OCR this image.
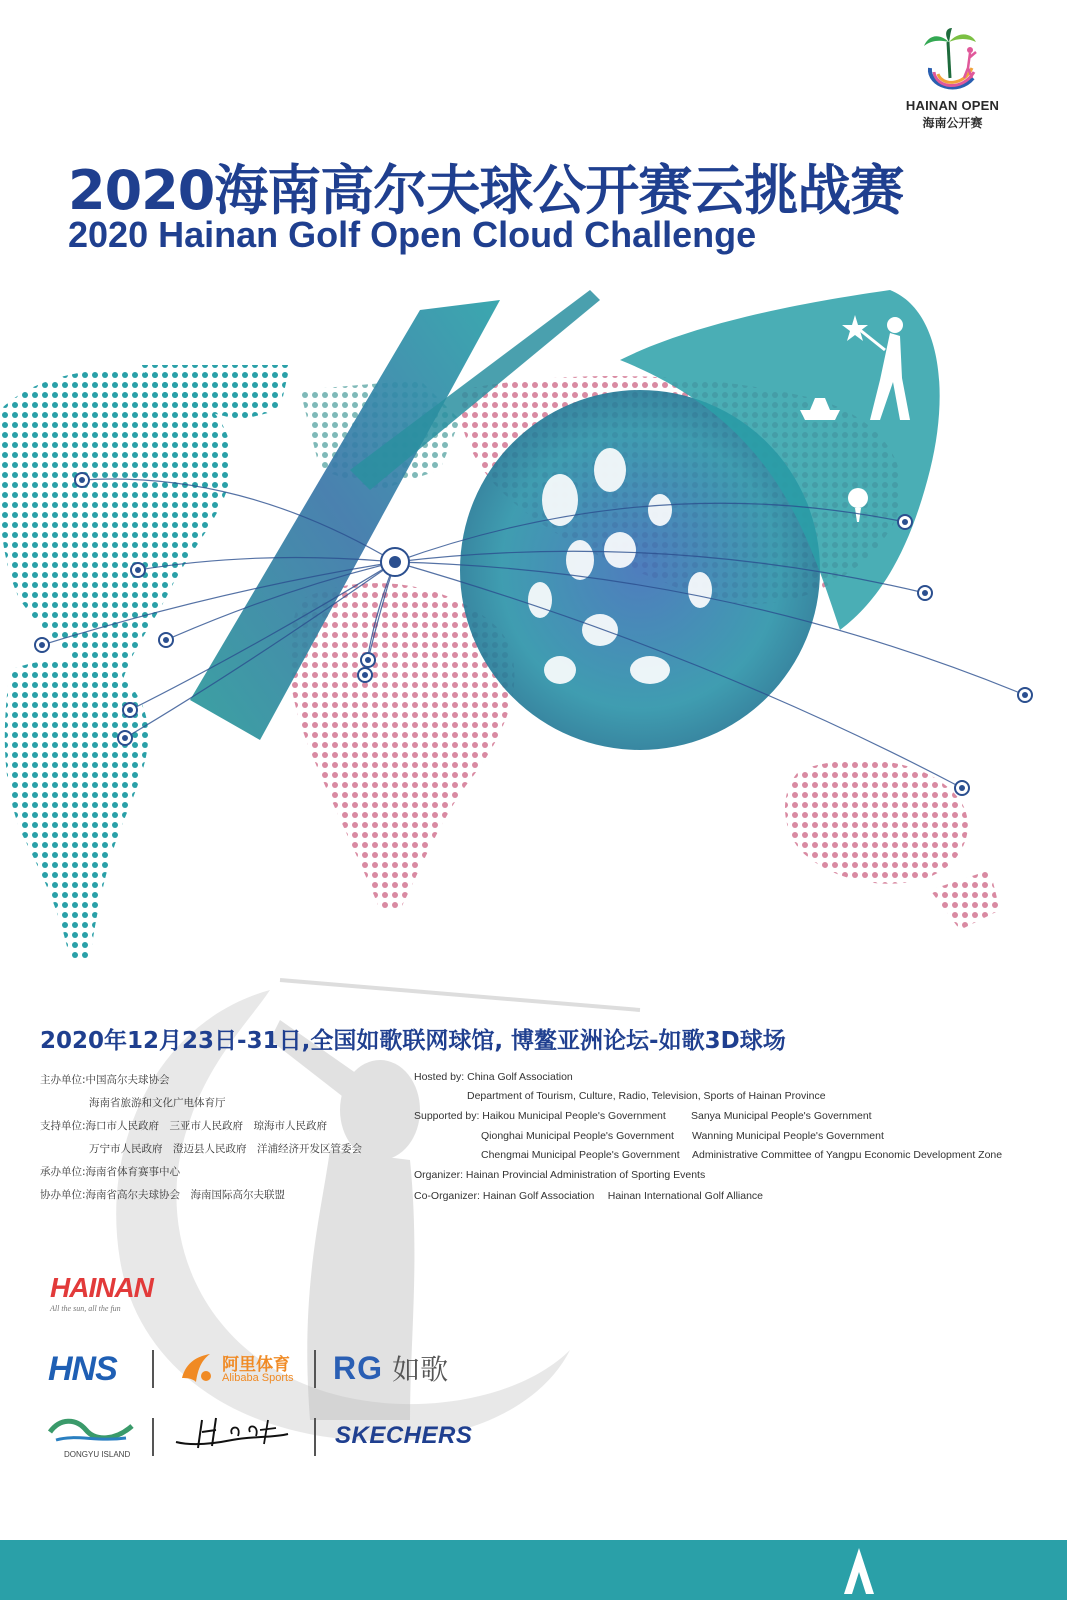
HAINAN OPEN
海南公开赛
2020海南高尔夫球公开赛云挑战赛
2020 Hainan Golf Open Cloud Challenge
2020年12月23日-31日,全国如歌联网球馆, 博鳌亚洲论坛-如歌3D球场
主办单位:中国高尔夫球协会
海南省旅游和文化广电体育厅
支持单位:海口市人民政府　三亚市人民政府　琼海市人民政府
万宁市人民政府　澄迈县人民政府　洋浦经济开发区管委会
承办单位:海南省体育赛事中心
协办单位:海南省高尔夫球协会　海南国际高尔夫联盟
Hosted by: China Golf Association
Department of Tourism, Culture, Radio, Television, Sports of Hainan Province
Supported by: Haikou Municipal People's Government Sanya Municipal People's Government
Qionghai Municipal People's Government Wanning Municipal People's Government
Chengmai Municipal People's Government Administrative Committee of Yangpu Economic Development Zone
Organizer: Hainan Provincial Administration of Sporting Events
Co-Organizer: Hainan Golf Association　 Hainan International Golf Alliance
HAINAN
All the sun, all the fun
HNS	阿里体育
Alibaba Sports RG 如歌
DONGYU ISLAND
SKECHERS
